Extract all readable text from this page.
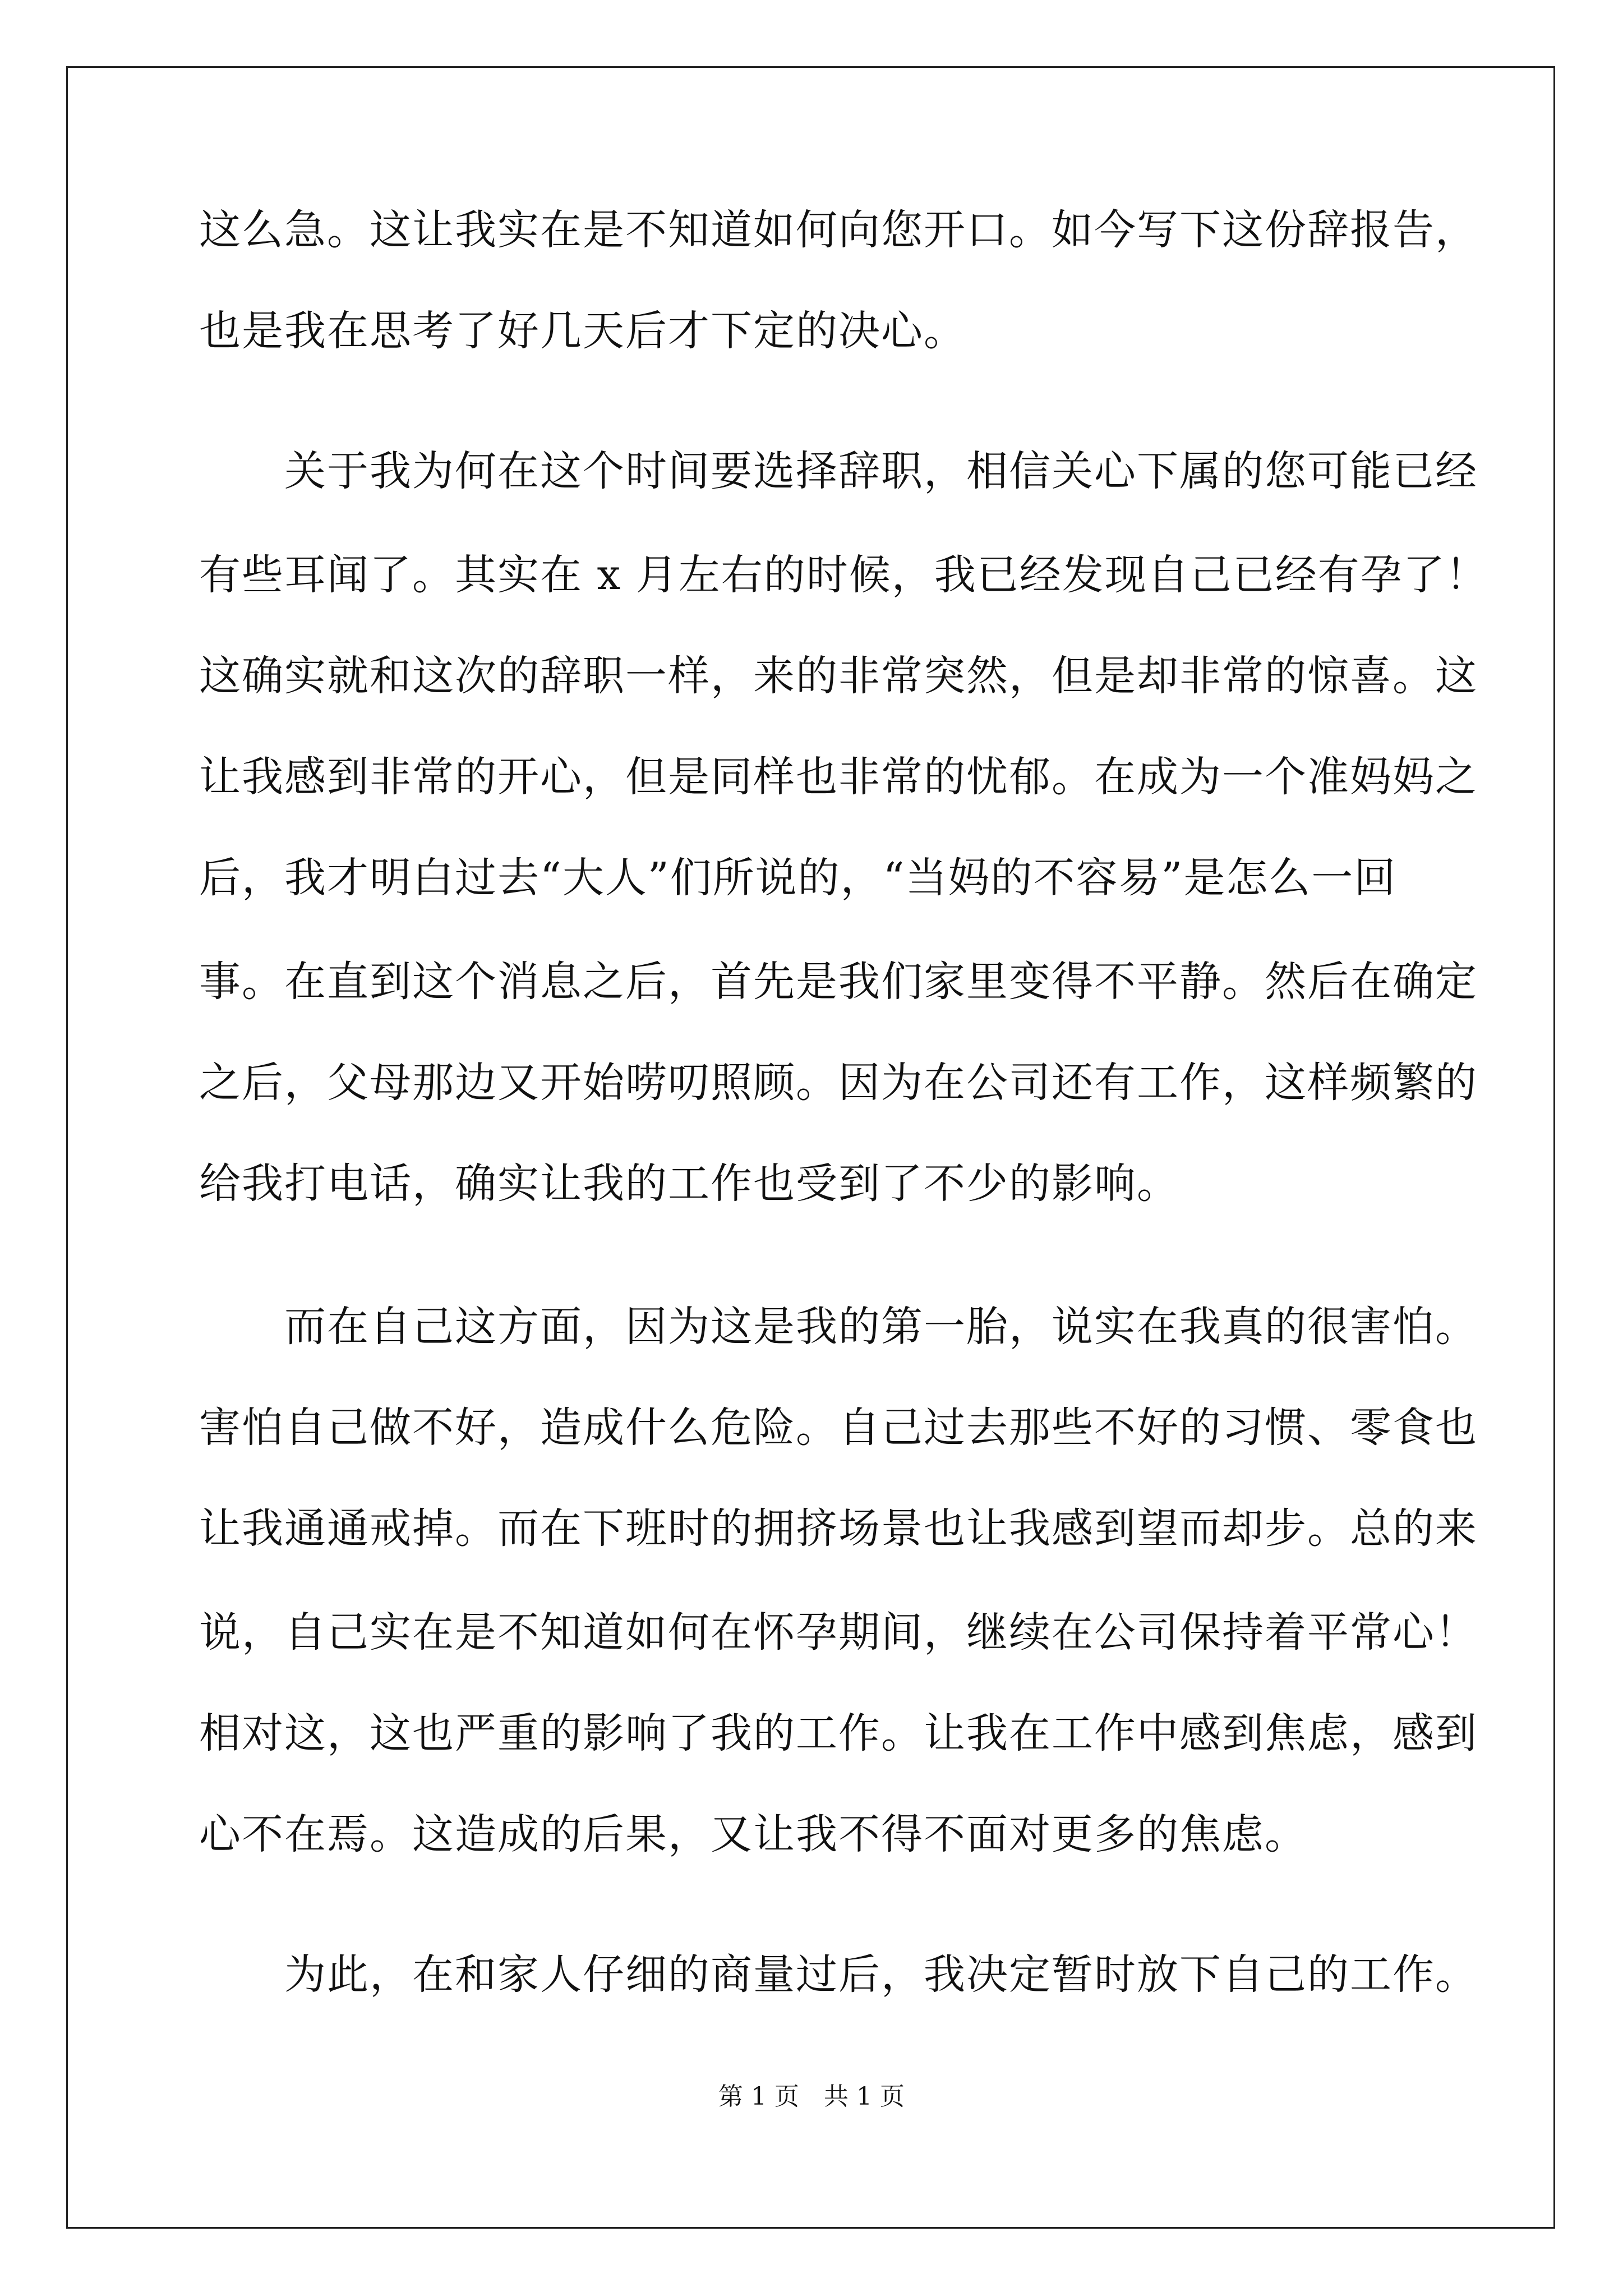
这么急。这让我实在是不知道如何向您开口。如今写下这份辞报告，
也是我在思考了好几天后才下定的决心。
　　关于我为何在这个时间要选择辞职，相信关心下属的您可能已经
有些耳闻了。其实在 x 月左右的时候，我已经发现自己已经有孕了！
这确实就和这次的辞职一样，来的非常突然，但是却非常的惊喜。这
让我感到非常的开心，但是同样也非常的忧郁。在成为一个准妈妈之
后，我才明白过去“大人”们所说的，“当妈的不容易”是怎么一回
事。在直到这个消息之后，首先是我们家里变得不平静。然后在确定
之后，父母那边又开始唠叨照顾。因为在公司还有工作，这样频繁的
给我打电话，确实让我的工作也受到了不少的影响。
　　而在自己这方面，因为这是我的第一胎，说实在我真的很害怕。
害怕自己做不好，造成什么危险。自己过去那些不好的习惯、零食也
让我通通戒掉。而在下班时的拥挤场景也让我感到望而却步。总的来
说，自己实在是不知道如何在怀孕期间，继续在公司保持着平常心！
相对这，这也严重的影响了我的工作。让我在工作中感到焦虑，感到
心不在焉。这造成的后果，又让我不得不面对更多的焦虑。
　　为此，在和家人仔细的商量过后，我决定暂时放下自己的工作。
第 1 页　共 1 页
